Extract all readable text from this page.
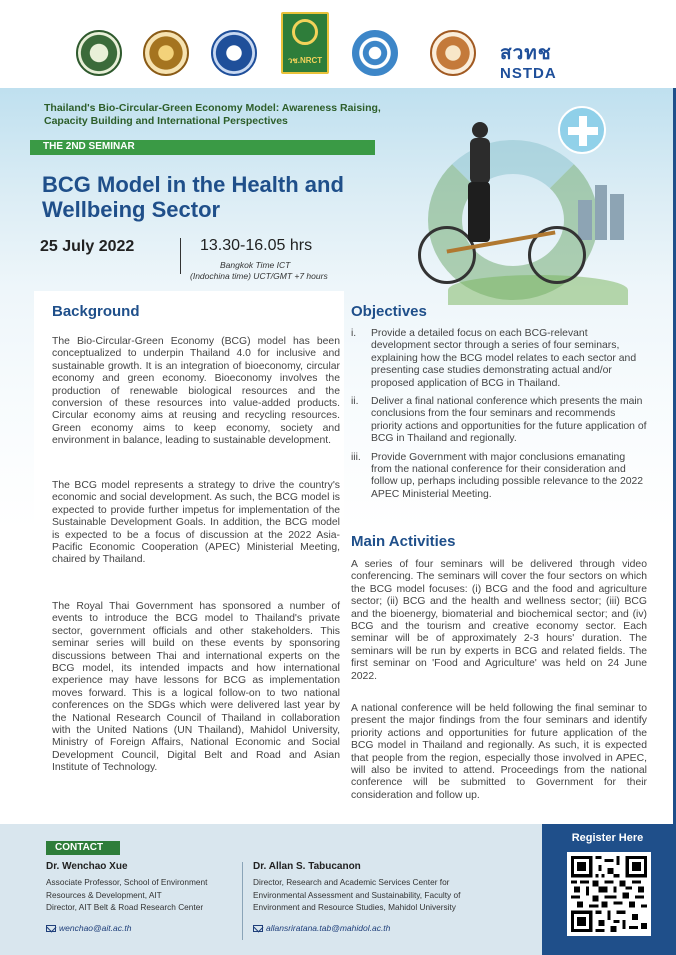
วช.NRCT	สวทช
NSTDA
Thailand's Bio-Circular-Green Economy Model: Awareness Raising, Capacity Building and International Perspectives
THE 2ND SEMINAR
BCG Model in the Health and Wellbeing Sector
25 July 2022	13.30-16.05 hrs
Bangkok Time ICT
(Indochina time) UCT/GMT +7 hours
Background

The Bio-Circular-Green Economy (BCG) model has been conceptualized to underpin Thailand 4.0 for inclusive and sustainable growth. It is an integration of bioeconomy, circular economy and green economy. Bioeconomy involves the production of renewable biological resources and the conversion of these resources into value-added products. Circular economy aims at reusing and recycling resources. Green economy aims to keep economy, society and environment in balance, leading to sustainable development.

The BCG model represents a strategy to drive the country's economic and social development. As such, the BCG model is expected to provide further impetus for implementation of the Sustainable Development Goals. In addition, the BCG model is expected to be a focus of discussion at the 2022 Asia-Pacific Economic Cooperation (APEC) Ministerial Meeting, chaired by Thailand.

The Royal Thai Government has sponsored a number of events to introduce the BCG model to Thailand's private sector, government officials and other stakeholders. This seminar series will build on these events by sponsoring discussions between Thai and international experts on the BCG model, its intended impacts and how international experience may have lessons for BCG as implementation moves forward. This is a logical follow-on to two national conferences on the SDGs which were delivered last year by the National Research Council of Thailand in collaboration with the United Nations (UN Thailand), Mahidol University, Ministry of Foreign Affairs, National Economic and Social Development Council, Digital Belt and Road and Asian Institute of Technology.

Objectives
i. Provide a detailed focus on each BCG-relevant development sector through a series of four seminars, explaining how the BCG model relates to each sector and presenting case studies demonstrating actual and/or proposed application of BCG in Thailand.
ii. Deliver a final national conference which presents the main conclusions from the four seminars and recommends priority actions and opportunities for the future application of BCG in Thailand and regionally.
iii. Provide Government with major conclusions emanating from the national conference for their consideration and follow up, perhaps including possible relevance to the 2022 APEC Ministerial Meeting.
Main Activities

A series of four seminars will be delivered through video conferencing. The seminars will cover the four sectors on which the BCG model focuses: (i) BCG and the food and agriculture sector; (ii) BCG and the health and wellness sector; (iii) BCG and the bioenergy, biomaterial and biochemical sector; and (iv) BCG and the tourism and creative economy sector. Each seminar will be of approximately 2-3 hours' duration. The seminars will be run by experts in BCG and related fields. The first seminar on 'Food and Agriculture' was held on 24 June 2022.

A national conference will be held following the final seminar to present the major findings from the four seminars and identify priority actions and opportunities for future application of the BCG model in Thailand and regionally. As such, it is expected that people from the region, especially those involved in APEC, will also be invited to attend. Proceedings from the national conference will be submitted to Government for their consideration and follow up.

CONTACT
Dr. Wenchao Xue
Associate Professor, School of Environment
Resources & Development, AIT
Director, AIT Belt & Road Research Center
wenchao@ait.ac.th
Dr. Allan S. Tabucanon
Director, Research and Academic Services Center for
Environmental Assessment and Sustainability, Faculty of
Environment and Resource Studies, Mahidol University
allansriratana.tab@mahidol.ac.th
Register Here
